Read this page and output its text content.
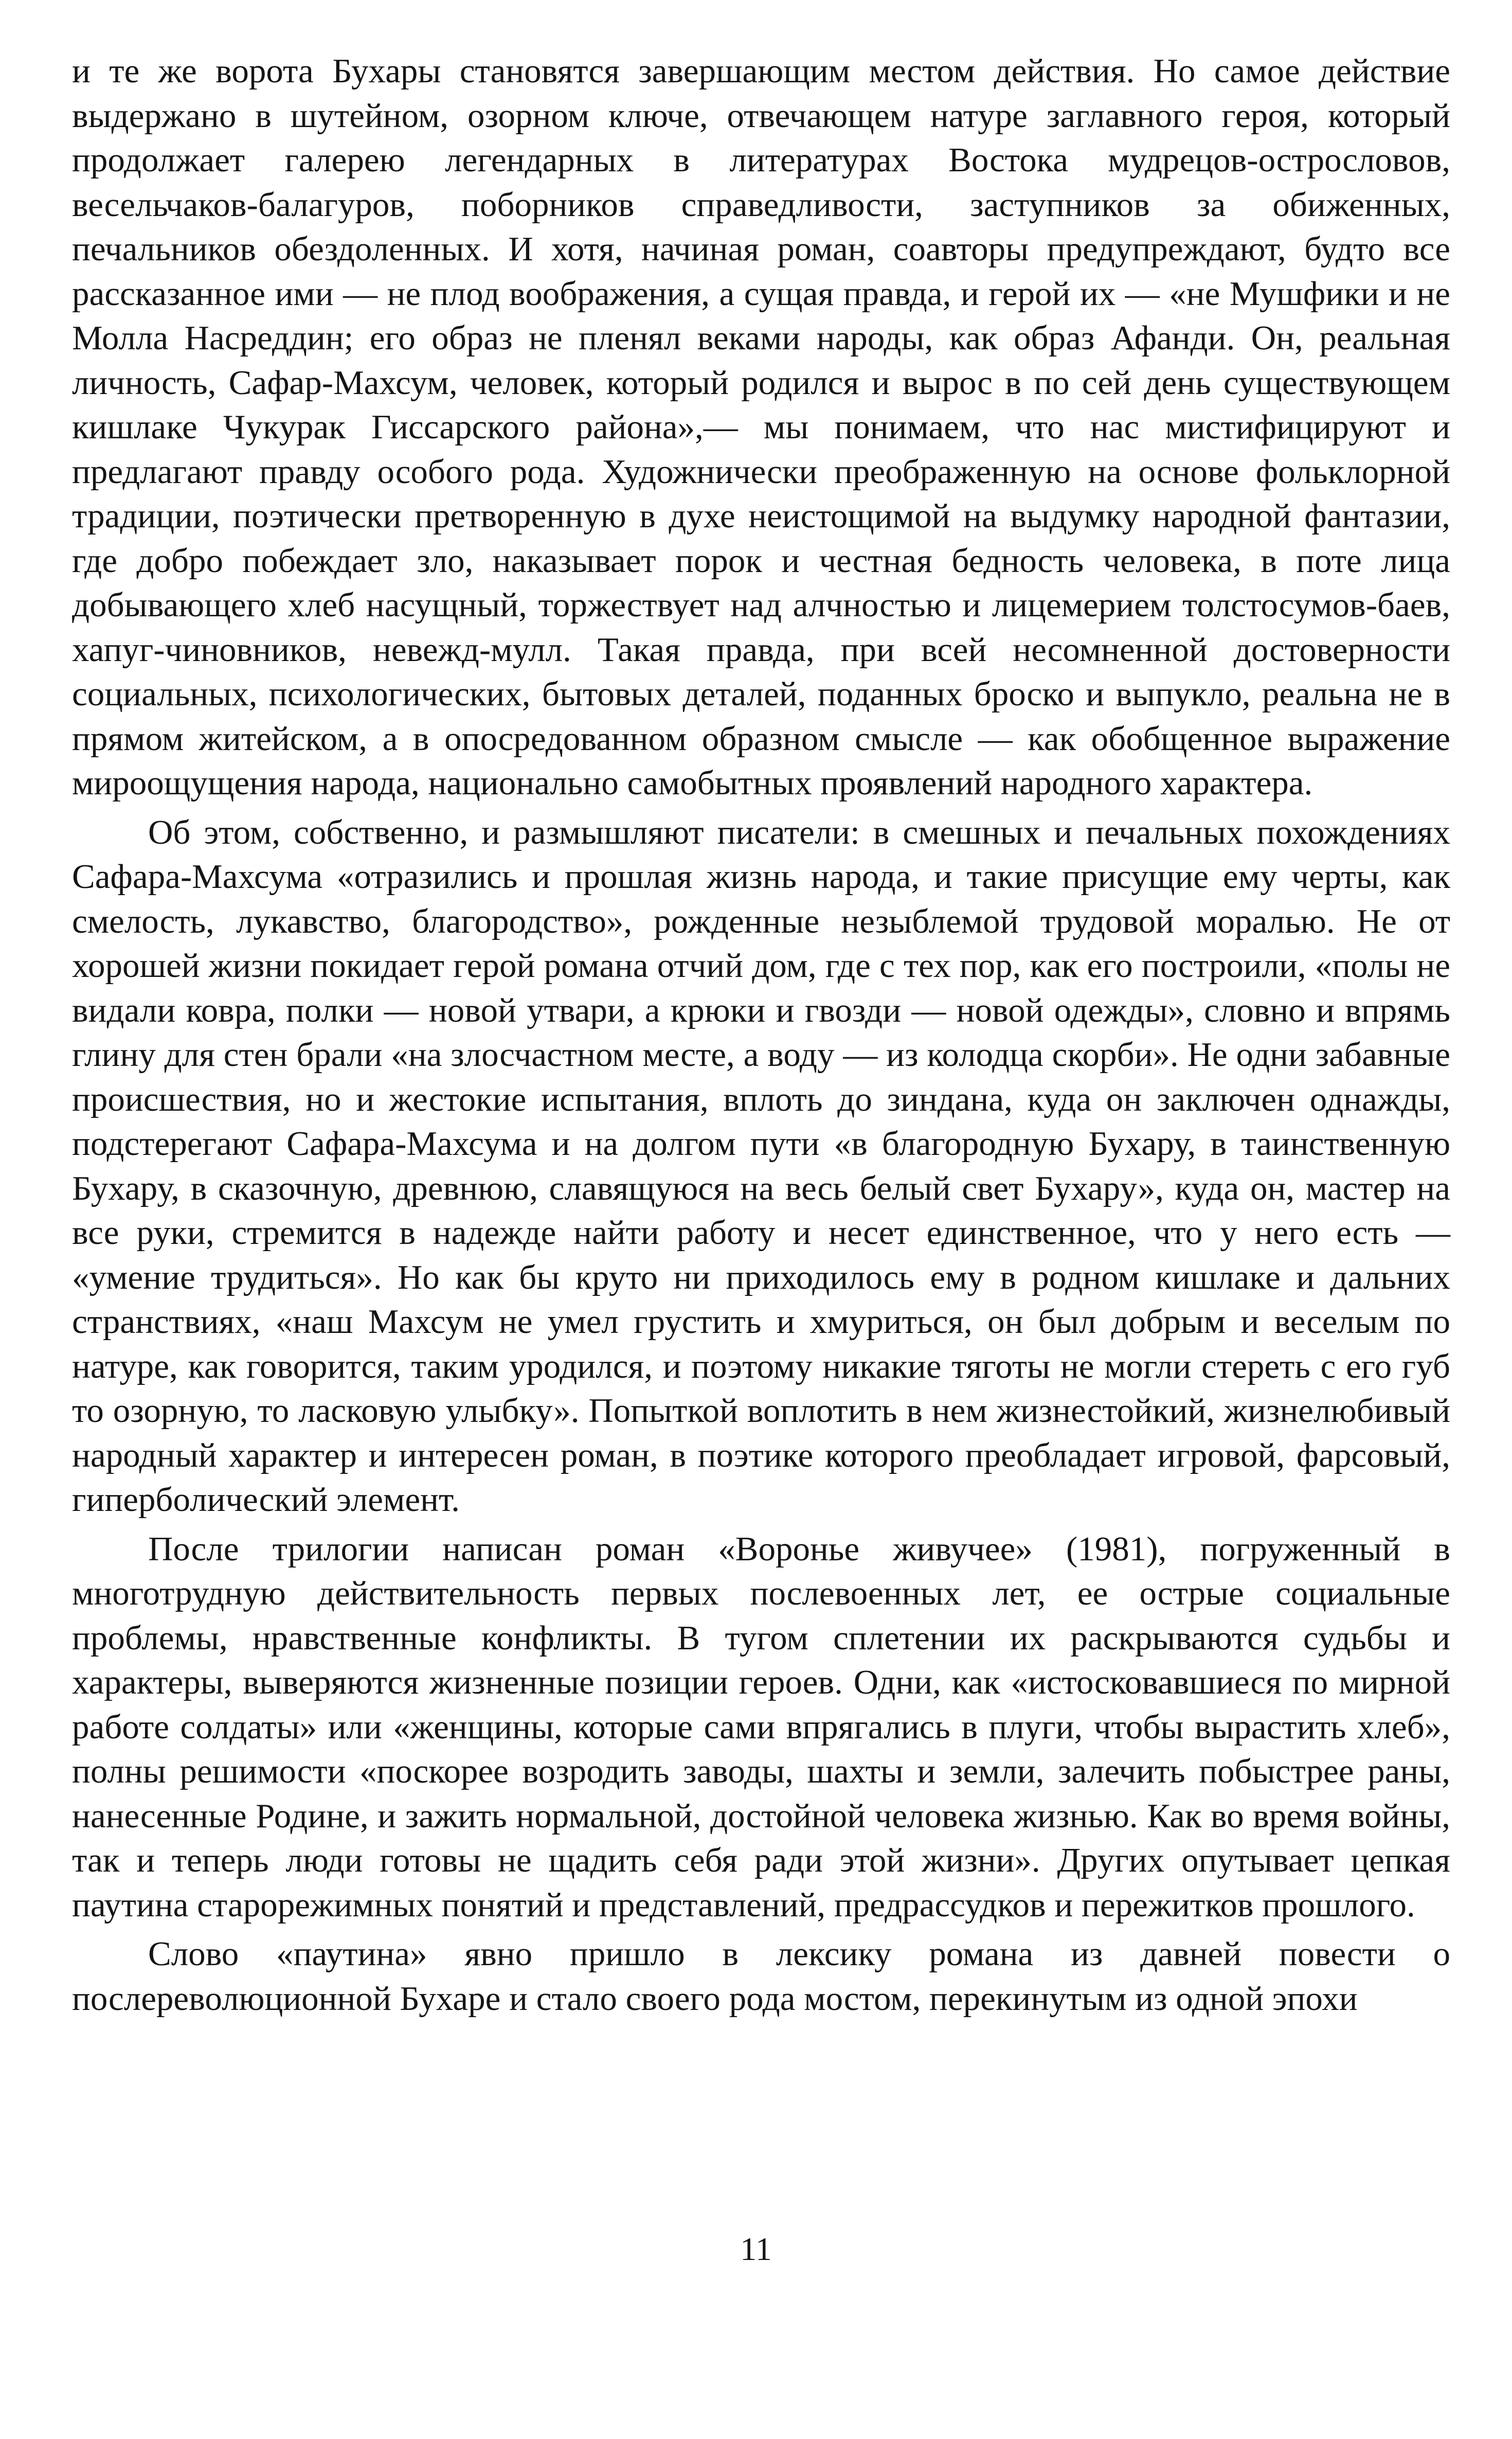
и те же ворота Бухары становятся завершающим местом действия. Но самое действие выдержано в шутейном, озорном ключе, отвечающем натуре заглавного героя, который продолжает галерею легендарных в литературах Востока мудрецов-острословов, весельчаков-балагуров, поборников справедливости, заступников за обиженных, печальников обездоленных. И хотя, начиная роман, соавторы предупреждают, будто все рассказанное ими — не плод воображения, а сущая правда, и герой их — «не Мушфики и не Молла Насреддин; его образ не пленял веками народы, как образ Афанди. Он, реальная личность, Сафар-Махсум, человек, который родился и вырос в по сей день существующем кишлаке Чукурак Гиссарского района»,— мы понимаем, что нас мистифицируют и предлагают правду особого рода. Художнически преображенную на основе фольклорной традиции, поэтически претворенную в духе неистощимой на выдумку народной фантазии, где добро побеждает зло, наказывает порок и честная бедность человека, в поте лица добывающего хлеб насущный, торжествует над алчностью и лицемерием толстосумов-баев, хапуг-чиновников, невежд-мулл. Такая правда, при всей несомненной достоверности социальных, психологических, бытовых деталей, поданных броско и выпукло, реальна не в прямом житейском, а в опосредованном образном смысле — как обобщенное выражение мироощущения народа, национально самобытных проявлений народного характера.

Об этом, собственно, и размышляют писатели: в смешных и печальных похождениях Сафара-Махсума «отразились и прошлая жизнь народа, и такие присущие ему черты, как смелость, лукавство, благородство», рожденные незыблемой трудовой моралью. Не от хорошей жизни покидает герой романа отчий дом, где с тех пор, как его построили, «полы не видали ковра, полки — новой утвари, а крюки и гвозди — новой одежды», словно и впрямь глину для стен брали «на злосчастном месте, а воду — из колодца скорби». Не одни забавные происшествия, но и жестокие испытания, вплоть до зиндана, куда он заключен однажды, подстерегают Сафара-Махсума и на долгом пути «в благородную Бухару, в таинственную Бухару, в сказочную, древнюю, славящуюся на весь белый свет Бухару», куда он, мастер на все руки, стремится в надежде найти работу и несет единственное, что у него есть — «умение трудиться». Но как бы круто ни приходилось ему в родном кишлаке и дальних странствиях, «наш Махсум не умел грустить и хмуриться, он был добрым и веселым по натуре, как говорится, таким уродился, и поэтому никакие тяготы не могли стереть с его губ то озорную, то ласковую улыбку». Попыткой воплотить в нем жизнестойкий, жизнелюбивый народный характер и интересен роман, в поэтике которого преобладает игровой, фарсовый, гиперболический элемент.

После трилогии написан роман «Воронье живучее» (1981), погруженный в многотрудную действительность первых послевоенных лет, ее острые социальные проблемы, нравственные конфликты. В тугом сплетении их раскрываются судьбы и характеры, выверяются жизненные позиции героев. Одни, как «истосковавшиеся по мирной работе солдаты» или «женщины, которые сами впрягались в плуги, чтобы вырастить хлеб», полны решимости «поскорее возродить заводы, шахты и земли, залечить побыстрее раны, нанесенные Родине, и зажить нормальной, достойной человека жизнью. Как во время войны, так и теперь люди готовы не щадить себя ради этой жизни». Других опутывает цепкая паутина старорежимных понятий и представлений, предрассудков и пережитков прошлого.

Слово «паутина» явно пришло в лексику романа из давней повести о послереволюционной Бухаре и стало своего рода мостом, перекинутым из одной эпохи

11
